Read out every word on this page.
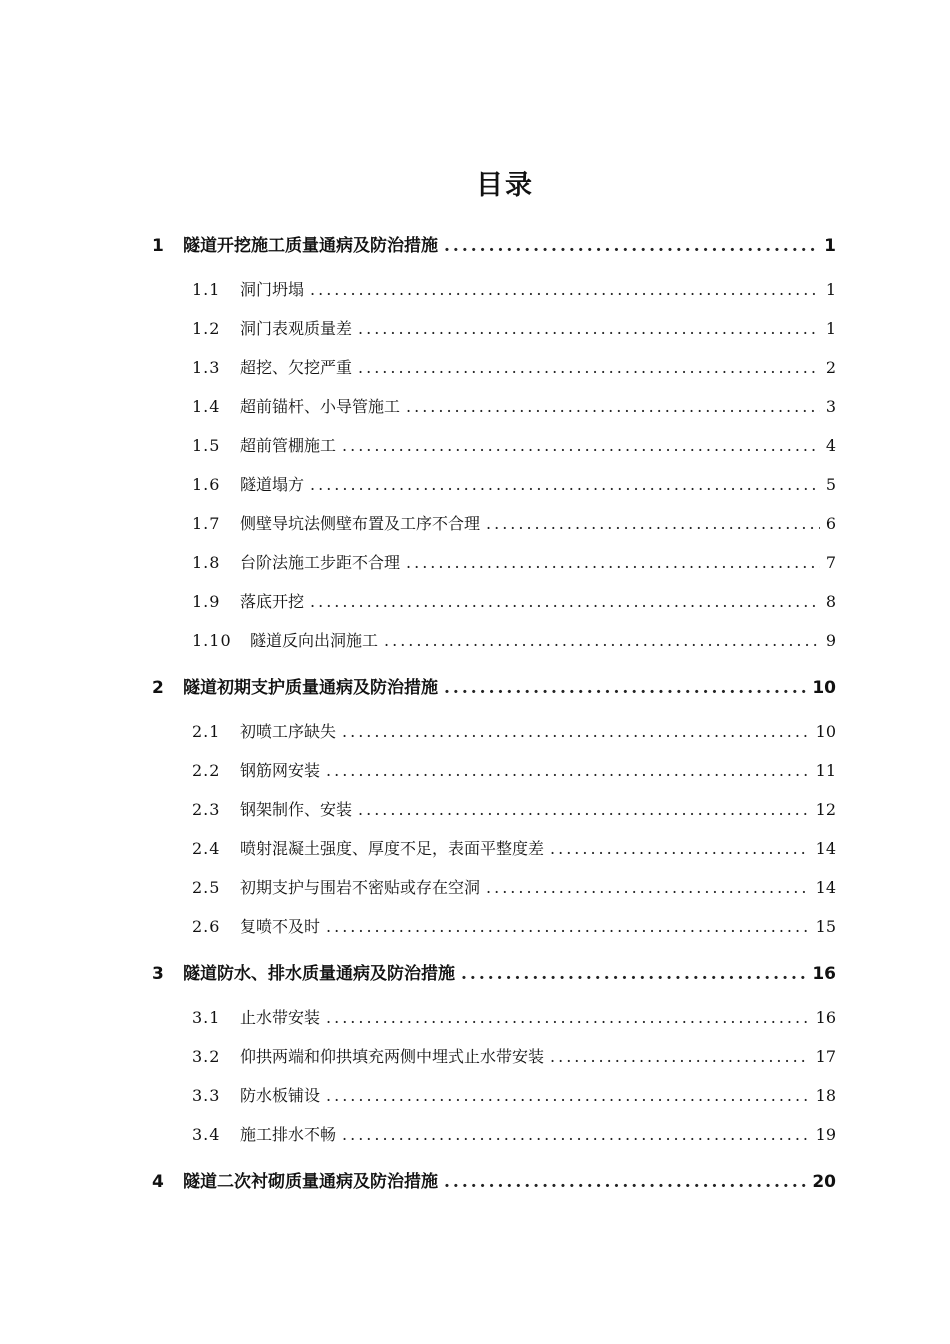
目录
1	隧道开挖施工质量通病及防治措施 .....	1
1.1	洞门坍塌 .....	1
1.2	洞门表观质量差 .....	1
1.3	超挖、欠挖严重 .....	2
1.4	超前锚杆、小导管施工 .....	3
1.5	超前管棚施工 .....	4
1.6	隧道塌方 .....	5
1.7	侧壁导坑法侧壁布置及工序不合理 .....	6
1.8	台阶法施工步距不合理 .....	7
1.9	落底开挖 .....	8
1.10	隧道反向出洞施工 .....	9
2	隧道初期支护质量通病及防治措施 .....	10
2.1	初喷工序缺失 .....	10
2.2	钢筋网安装 .....	11
2.3	钢架制作、安装 .....	12
2.4	喷射混凝土强度、厚度不足，表面平整度差 .....	14
2.5	初期支护与围岩不密贴或存在空洞 .....	14
2.6	复喷不及时 .....	15
3	隧道防水、排水质量通病及防治措施 .....	16
3.1	止水带安装 .....	16
3.2	仰拱两端和仰拱填充两侧中埋式止水带安装 .....	17
3.3	防水板铺设 .....	18
3.4	施工排水不畅 .....	19
4	隧道二次衬砌质量通病及防治措施 .....	20
